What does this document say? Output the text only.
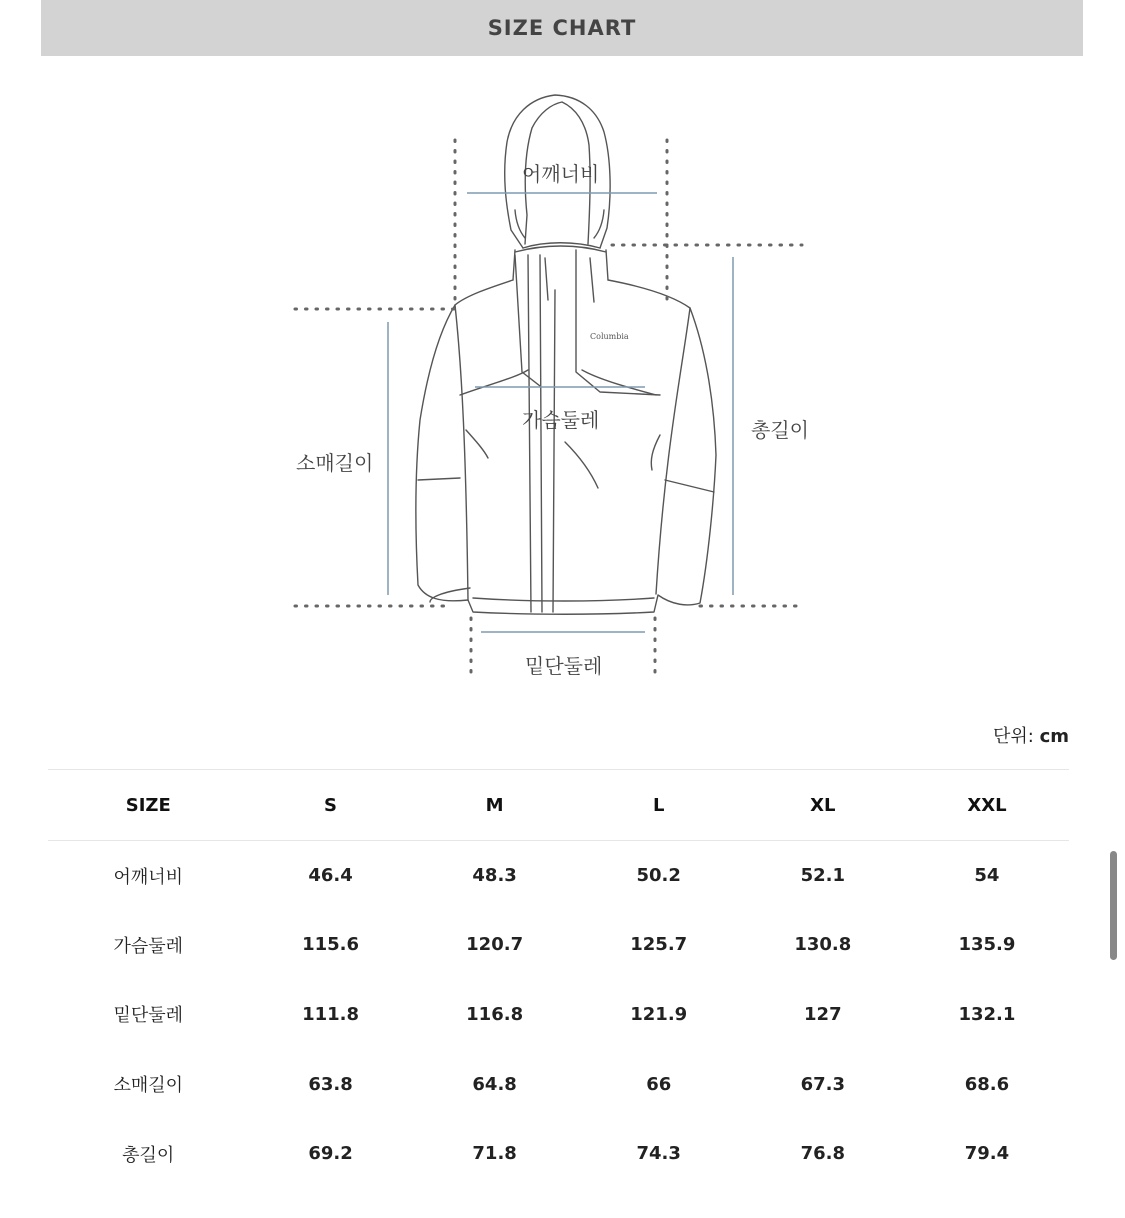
SIZE CHART
Columbia
어깨너비
가슴둘레	총길이
소매길이
밑단둘레
단위: cm
SIZE	S	M	L	XL	XXL
어깨너비	46.4	48.3	50.2	52.1	54
가슴둘레	115.6	120.7	125.7	130.8	135.9
밑단둘레	111.8	116.8	121.9	127	132.1
소매길이	63.8	64.8	66	67.3	68.6
총길이	69.2	71.8	74.3	76.8	79.4
